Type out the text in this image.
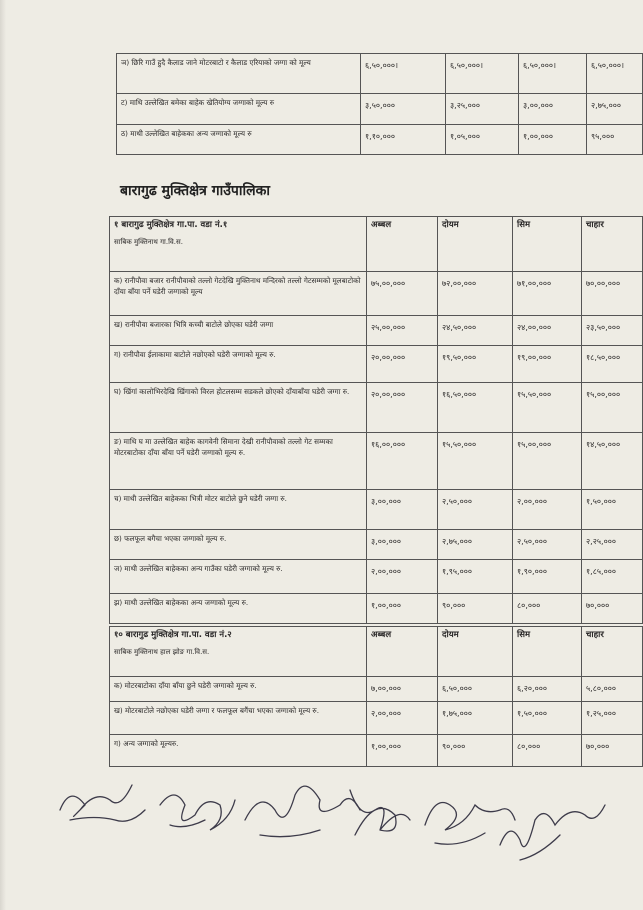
ञ) छिरि गाउँ हुदै कैलाड जाने मोटरबाटो र कैलाड एरियाको जग्गा को मूल्य	६,५०,०००।	६,५०,०००।	६,५०,०००।	६,५०,०००।
ट) माथि उल्लेखित बमेका बाहेक खेतियोग्य जग्गाको मूल्य रु	३,५०,०००	३,२५,०००	३,००,०००	२,७५,०००
ठ) माथी उल्लेखित बाहेकका अन्य जग्गाको मूल्य रु	१,१०,०००	१,०५,०००	१,००,०००	९५,०००
बारागुढ मुक्तिक्षेत्र गाउँपालिका
१ बारागुढ मुक्तिक्षेत्र गा.पा. वडा नं.१
साबिक मुक्तिनाथ गा.वि.स.	अब्बल	दोयम	सिम	चाहार
क) रानीपौवा बजार रानीपौवाको तल्लो गेटदेखि मुक्तिनाथ मन्दिरको तल्लो गेटसम्मको मूलबाटोको दाँया बाँया पर्ने घडेरी जग्गाको मूल्य	७५,००,०००	७२,००,०००	७१,००,०००	७०,००,०००
ख) रानीपौवा बजारका भित्रि कच्ची बाटोले छोएका घडेरी जग्गा	२५,००,०००	२४,५०,०००	२४,००,०००	२३,५०,०००
ग) रानीपौवा ईलाकामा बाटोले नछोएको घडेरी जग्गाको मूल्य रु.	२०,००,०००	१९,५०,०००	१९,००,०००	१८,५०,०००
घ) खिंगां कालोभिरदेखि खिंगाको विरल होटलसम्म सडकले छोएको दाँयाबाँया घडेरी जग्गा रु.	२०,००,०००	१६,५०,०००	१५,५०,०००	१५,००,०००
ङ) माथि घ मा उल्लेखित बाहेक कागवेनी सिमाना देखी रानीपौवाको तल्लो गेट सम्मका मोटरबाटोका दाँया बाँया पर्ने घडेरी जग्गाको मूल्य रु.	१६,००,०००	१५,५०,०००	१५,००,०००	१४,५०,०००
च) माथी उल्लेखित बाहेकका भित्री मोटर बाटोले छुने घडेरी जग्गा रु.	३,००,०००	२,५०,०००	२,००,०००	१,५०,०००
छ) फलफूल बगैचा भएका जग्गाको मूल्य रु.	३,००,०००	२,७५,०००	२,५०,०००	२,२५,०००
ज) माथी उल्लेखित बाहेकका अन्य गाउँका घडेरी जग्गाको मूल्य रु.	२,००,०००	१,९५,०००	१,९०,०००	१,८५,०००
झ) माथी उल्लेखित बाहेकका अन्य जग्गाको मूल्य रु.	१,००,०००	९०,०००	८०,०००	७०,०००
१० बारागुढ मुक्तिक्षेत्र गा.पा. वडा नं.२
साबिक मुक्तिनाथ हाल झोङ गा.वि.स.	अब्बल	दोयम	सिम	चाहार
क) मोटरबाटोका दाँया बाँया छुने घडेरी जग्गाको मूल्य रु.	७,००,०००	६,५०,०००	६,२०,०००	५,८०,०००
ख) मोटरबाटोले नछोएका घडेरी जग्गा र फलफूल बगैंचा भएका जग्गाको मूल्य रु.	२,००,०००	१,७५,०००	१,५०,०००	१,२५,०००
ग) अन्य जग्गाको मूल्यरु.	१,००,०००	९०,०००	८०,०००	७०,०००
